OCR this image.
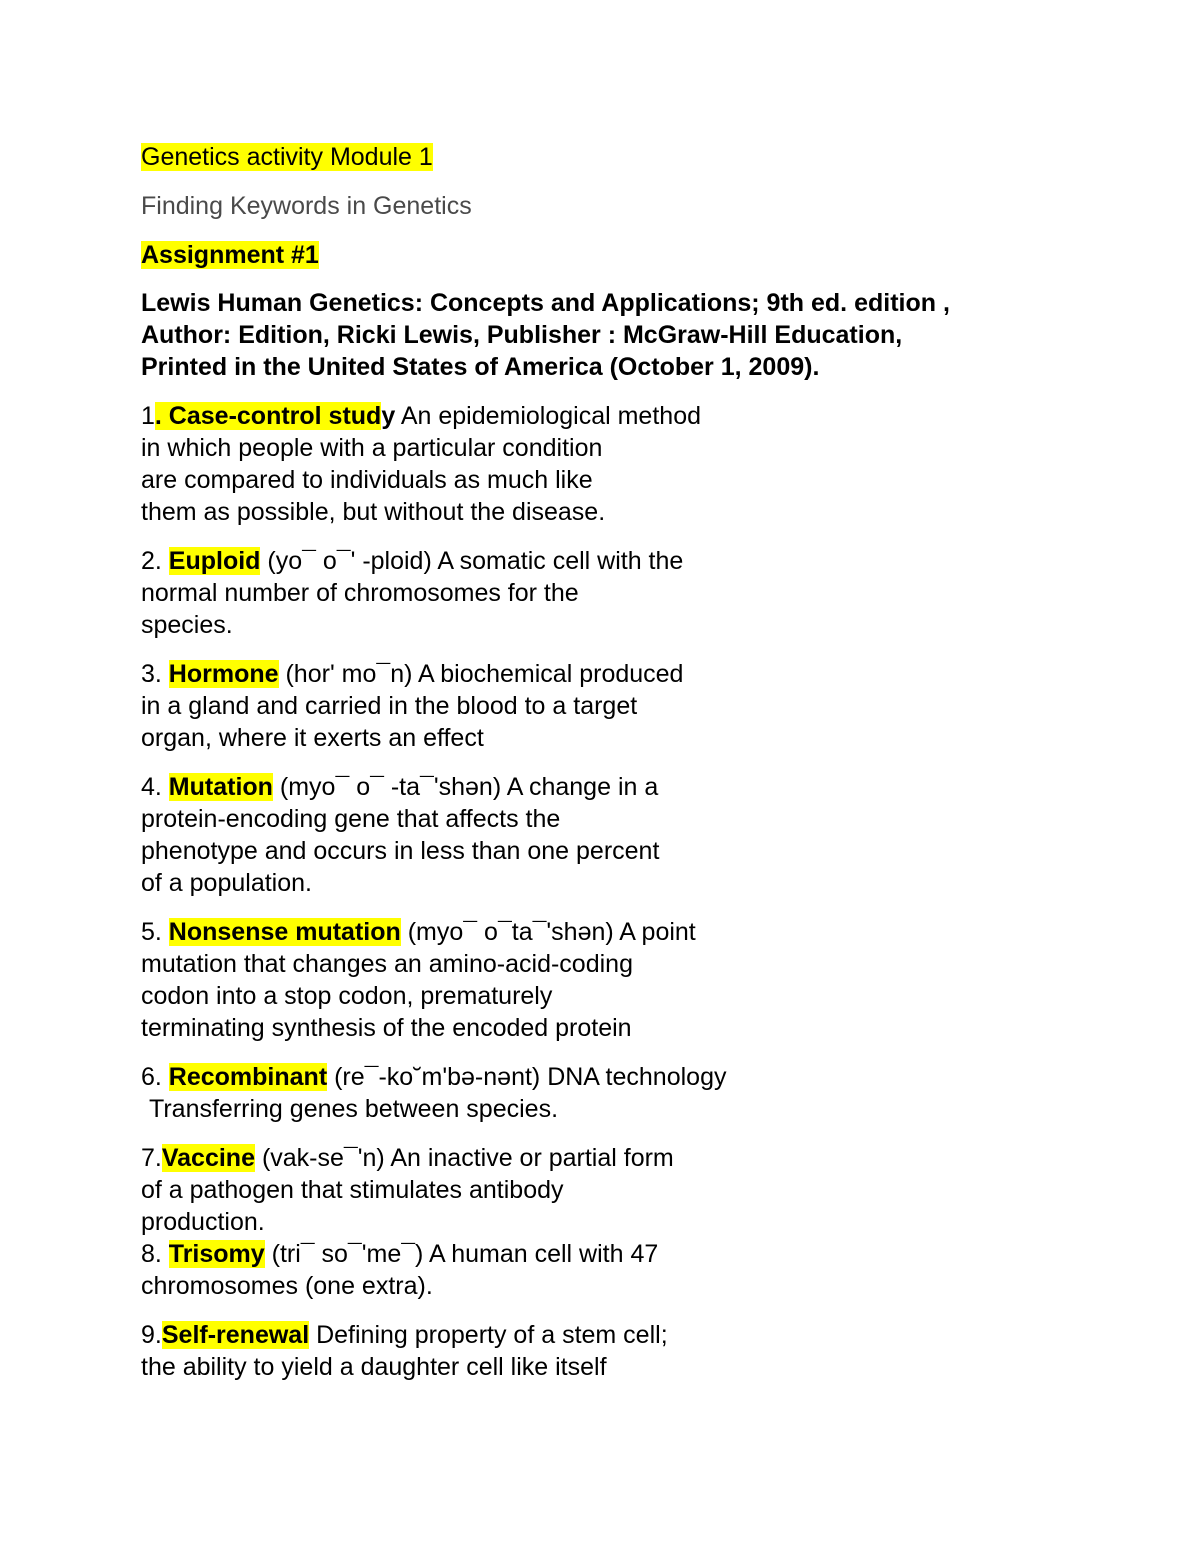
Genetics activity Module 1

Finding Keywords in Genetics

Assignment #1

Lewis Human Genetics: Concepts and Applications; 9th ed. edition ,
Author: Edition, Ricki Lewis, Publisher : McGraw-Hill Education,
Printed in the United States of America (October 1, 2009).

1. Case-control study An epidemiological method
in which people with a particular condition
are compared to individuals as much like
them as possible, but without the disease.

2. Euploid (yo¯ o¯' -ploid) A somatic cell with the
normal number of chromosomes for the
species.

3. Hormone (hor' mo¯n) A biochemical produced
in a gland and carried in the blood to a target
organ, where it exerts an effect

4. Mutation (myo¯ o¯ -ta¯'shən) A change in a
protein-encoding gene that affects the
phenotype and occurs in less than one percent
of a population.

5. Nonsense mutation (myo¯ o¯ta¯'shən) A point
mutation that changes an amino-acid-coding
codon into a stop codon, prematurely
terminating synthesis of the encoded protein

6. Recombinant (re¯-ko˘m'bə-nənt) DNA technology
Transferring genes between species.

7.Vaccine (vak-se¯'n) An inactive or partial form
of a pathogen that stimulates antibody
production.

8. Trisomy (tri¯ so¯'me¯) A human cell with 47
chromosomes (one extra).

9.Self-renewal Defining property of a stem cell;
the ability to yield a daughter cell like itself
